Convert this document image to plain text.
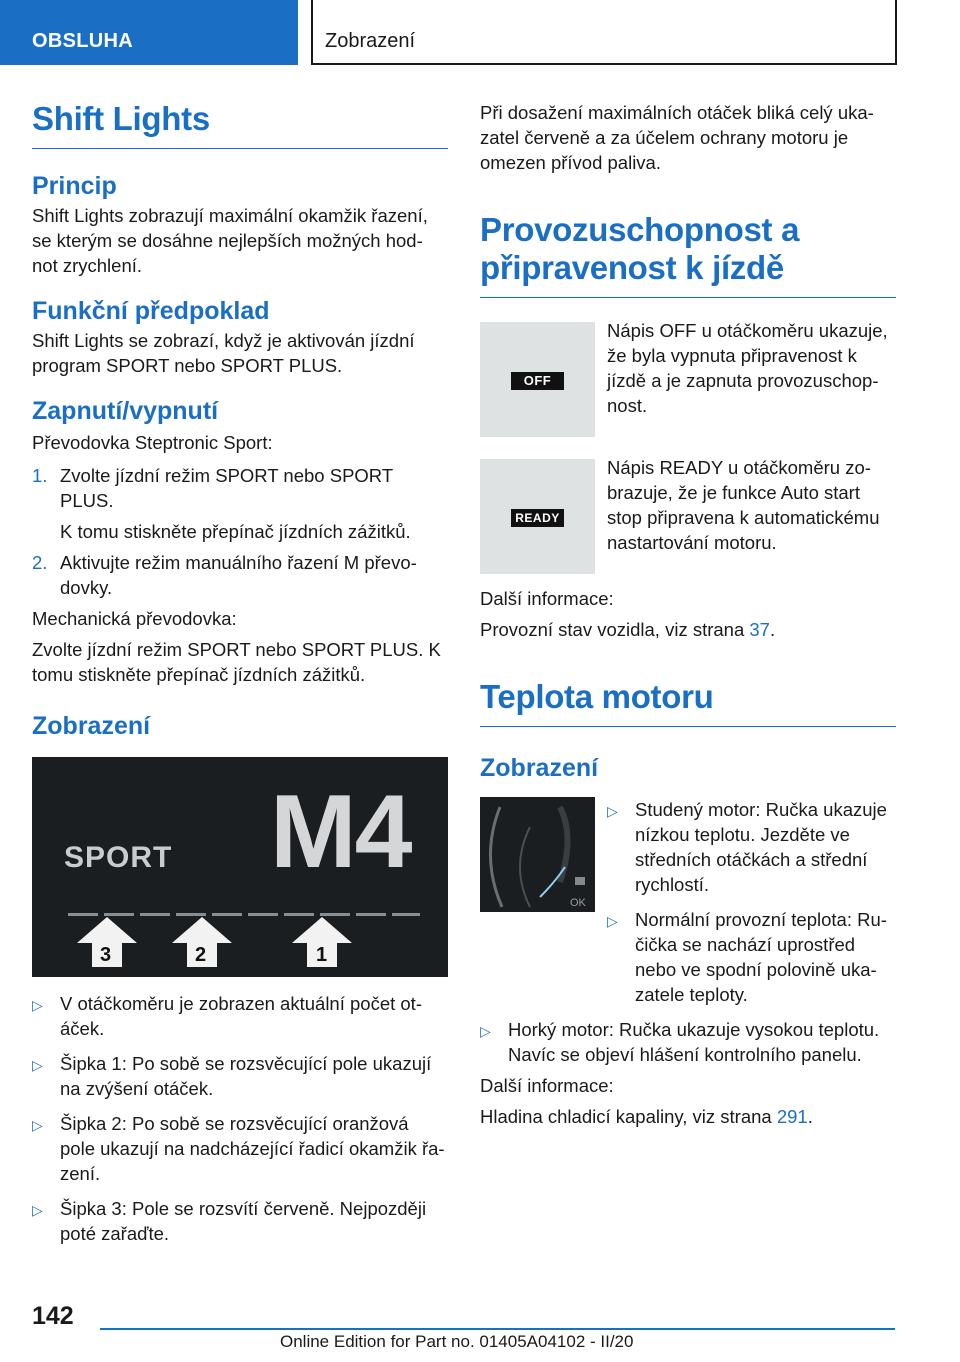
OBSLUHA	Zobrazení
Shift Lights
Princip

Shift Lights zobrazují maximální okamžik řazení, se kterým se dosáhne nejlepších možných hod-not zrychlení.

Funkční předpoklad

Shift Lights se zobrazí, když je aktivován jízdní program SPORT nebo SPORT PLUS.

Zapnutí/vypnutí

Převodovka Steptronic Sport:

1. Zvolte jízdní režim SPORT nebo SPORT PLUS.

K tomu stiskněte přepínač jízdních zážitků.

2. Aktivujte režim manuálního řazení M převo-dovky.

Mechanická převodovka:

Zvolte jízdní režim SPORT nebo SPORT PLUS. K tomu stiskněte přepínač jízdních zážitků.

Zobrazení
SPORT M4
3	2	1
▷ V otáčkoměru je zobrazen aktuální počet ot-áček.

▷ Šipka 1: Po sobě se rozsvěcující pole ukazují na zvýšení otáček.

▷ Šipka 2: Po sobě se rozsvěcující oranžová pole ukazují na nadcházející řadicí okamžik řa-zení.

▷ Šipka 3: Pole se rozsvítí červeně. Nejpozději poté zařaďte.

Při dosažení maximálních otáček bliká celý uka-zatel červeně a za účelem ochrany motoru je omezen přívod paliva.

Provozuschopnost a připravenost k jízdě
OFF

Nápis OFF u otáčkoměru ukazuje, že byla vypnuta připravenost k jízdě a je zapnuta provozuschop-nost.

READY

Nápis READY u otáčkoměru zo-brazuje, že je funkce Auto start stop připravena k automatickému nastartování motoru.

Další informace:

Provozní stav vozidla, viz strana 37.

Teplota motoru
Zobrazení
OK
▷ Studený motor: Ručka ukazuje nízkou teplotu. Jezděte ve středních otáčkách a střední rychlostí.

▷ Normální provozní teplota: Ru-čička se nachází uprostřed nebo ve spodní polovině uka-zatele teploty.

▷ Horký motor: Ručka ukazuje vysokou teplotu. Navíc se objeví hlášení kontrolního panelu.

Další informace:

Hladina chladicí kapaliny, viz strana 291.

142
Online Edition for Part no. 01405A04102 - II/20
